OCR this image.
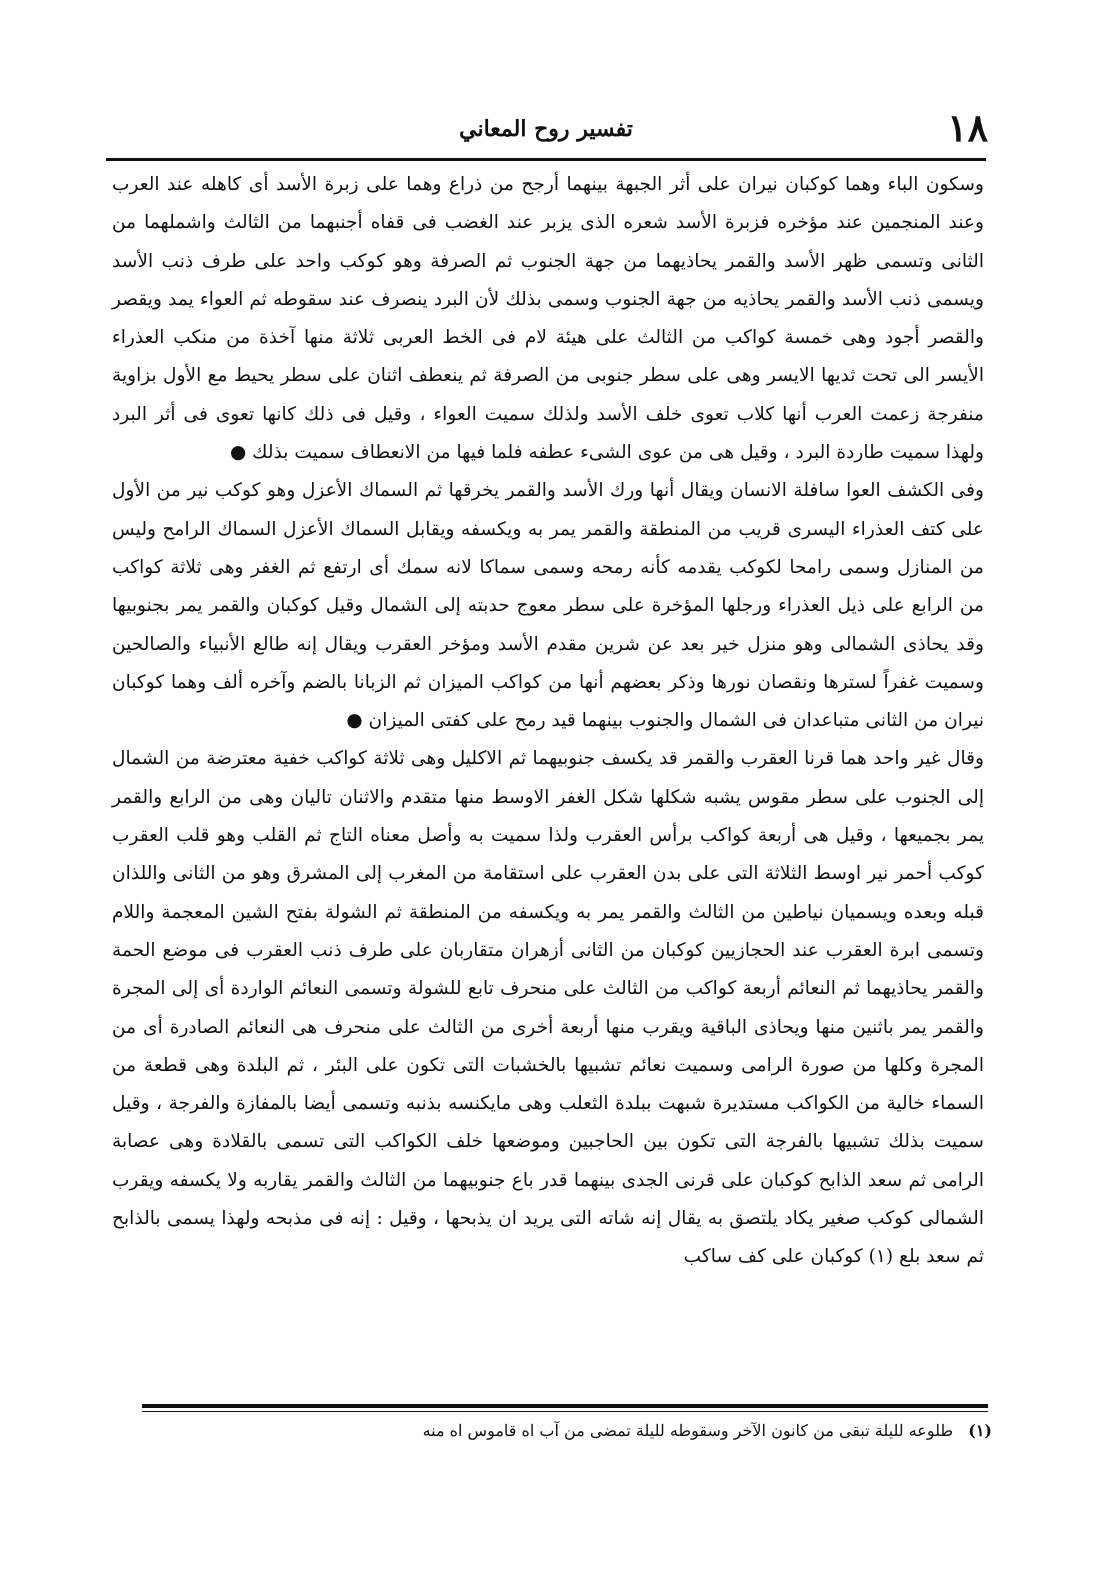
١٨
تفسير روح المعاني

وسكون الباء وهما كوكبان نيران على أثر الجبهة بينهما أرجح من ذراع وهما على زبرة الأسد أى كاهله عند العرب وعند المنجمين عند مؤخره فزبرة الأسد شعره الذى يزبر عند الغضب فى قفاه أجنبهما من الثالث واشملهما من الثانى وتسمى ظهر الأسد والقمر يحاذيهما من جهة الجنوب ثم الصرفة وهو كوكب واحد على طرف ذنب الأسد ويسمى ذنب الأسد والقمر يحاذيه من جهة الجنوب وسمى بذلك لأن البرد ينصرف عند سقوطه ثم العواء يمد ويقصر والقصر أجود وهى خمسة كواكب من الثالث على هيئة لام فى الخط العربى ثلاثة منها آخذة من منكب العذراء الأيسر الى تحت ثديها الايسر وهى على سطر جنوبى من الصرفة ثم ينعطف اثنان على سطر يحيط مع الأول بزاوية منفرجة زعمت العرب أنها كلاب تعوى خلف الأسد ولذلك سميت العواء ، وقيل فى ذلك كانها تعوى فى أثر البرد ولهذا سميت طاردة البرد ، وقيل هى من عوى الشىء عطفه فلما فيها من الانعطاف سميت بذلك ●

وفى الكشف العوا سافلة الانسان ويقال أنها ورك الأسد والقمر يخرقها ثم السماك الأعزل وهو كوكب نير من الأول على كتف العذراء اليسرى قريب من المنطقة والقمر يمر به ويكسفه ويقابل السماك الأعزل السماك الرامح وليس من المنازل وسمى رامحا لكوكب يقدمه كأنه رمحه وسمى سماكا لانه سمك أى ارتفع ثم الغفر وهى ثلاثة كواكب من الرابع على ذيل العذراء ورجلها المؤخرة على سطر معوج حدبته إلى الشمال وقيل كوكبان والقمر يمر بجنوبيها وقد يحاذى الشمالى وهو منزل خير بعد عن شرين مقدم الأسد ومؤخر العقرب ويقال إنه طالع الأنبياء والصالحين وسميت غفراً لسترها ونقصان نورها وذكر بعضهم أنها من كواكب الميزان ثم الزبانا بالضم وآخره ألف وهما كوكبان نيران من الثانى متباعدان فى الشمال والجنوب بينهما قيد رمح على كفتى الميزان ●

وقال غير واحد هما قرنا العقرب والقمر قد يكسف جنوبيهما ثم الاكليل وهى ثلاثة كواكب خفية معترضة من الشمال إلى الجنوب على سطر مقوس يشبه شكلها شكل الغفر الاوسط منها متقدم والاثنان تاليان وهى من الرابع والقمر يمر بجميعها ، وقيل هى أربعة كواكب برأس العقرب ولذا سميت به وأصل معناه التاج ثم القلب وهو قلب العقرب كوكب أحمر نير اوسط الثلاثة التى على بدن العقرب على استقامة من المغرب إلى المشرق وهو من الثانى واللذان قبله وبعده ويسميان نياطين من الثالث والقمر يمر به ويكسفه من المنطقة ثم الشولة بفتح الشين المعجمة واللام وتسمى ابرة العقرب عند الحجازيين كوكبان من الثانى أزهران متقاربان على طرف ذنب العقرب فى موضع الحمة والقمر يحاذيهما ثم النعائم أربعة كواكب من الثالث على منحرف تابع للشولة وتسمى النعائم الواردة أى إلى المجرة والقمر يمر باثنين منها ويحاذى الباقية ويقرب منها أربعة أخرى من الثالث على منحرف هى النعائم الصادرة أى من المجرة وكلها من صورة الرامى وسميت نعائم تشبيها بالخشبات التى تكون على البئر ، ثم البلدة وهى قطعة من السماء خالية من الكواكب مستديرة شبهت ببلدة الثعلب وهى مايكنسه بذنبه وتسمى أيضا بالمفازة والفرجة ، وقيل سميت بذلك تشبيها بالفرجة التى تكون بين الحاجبين وموضعها خلف الكواكب التى تسمى بالقلادة وهى عصابة الرامى ثم سعد الذابح كوكبان على قرنى الجدى بينهما قدر باع جنوبيهما من الثالث والقمر يقاربه ولا يكسفه ويقرب الشمالى كوكب صغير يكاد يلتصق به يقال إنه شاته التى يريد ان يذبحها ، وقيل : إنه فى مذبحه ولهذا يسمى بالذابح ثم سعد بلع (١) كوكبان على كف ساكب

(١) طلوعه لليلة تبقى من كانون الآخر وسقوطه لليلة تمضى من آب اه قاموس اه منه
